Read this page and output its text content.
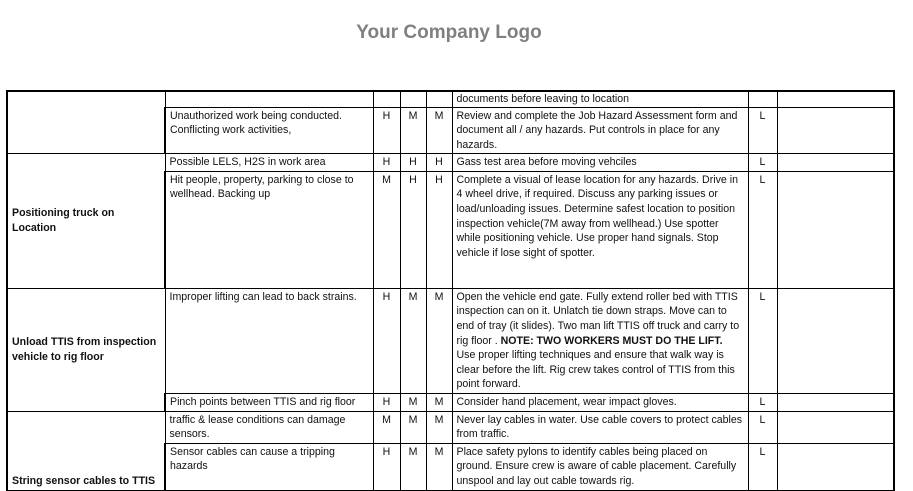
Your Company Logo
					documents before leaving to location		
	Unauthorized work being conducted. Conflicting work activities,	H	M	M	Review and complete the Job Hazard Assessment form and document all / any hazards. Put controls in place for any hazards.	L	
Positioning truck on Location	Possible LELS, H2S in work area	H	H	H	Gass test area before moving vehciles	L	
	Hit people, property, parking to close to wellhead. Backing up	M	H	H	Complete a visual of lease location for any hazards. Drive in 4 wheel drive, if required. Discuss any parking issues or load/unloading issues. Determine safest location to position inspection vehicle(7M away from wellhead.) Use spotter while positioning vehicle. Use proper hand signals. Stop vehicle if lose sight of spotter.	L	
Unload TTIS from inspection vehicle to rig floor	Improper lifting can lead to back strains.	H	M	M	Open the vehicle end gate. Fully extend roller bed with TTIS inspection can on it. Unlatch tie down straps. Move can to end of tray (it slides). Two man lift TTIS off truck and carry to rig floor . NOTE: TWO WORKERS MUST DO THE LIFT. Use proper lifting techniques and ensure that walk way is clear before the lift. Rig crew takes control of TTIS from this point forward.	L	
	Pinch points between TTIS and rig floor	H	M	M	Consider hand placement, wear impact gloves.	L	
String sensor cables to TTIS	traffic & lease conditions can damage sensors.	M	M	M	Never lay cables in water. Use cable covers to protect cables from traffic.	L	
	Sensor cables can cause a tripping hazards	H	M	M	Place safety pylons to identify cables being placed on ground. Ensure crew is aware of cable placement. Carefully unspool and lay out cable towards rig.	L	
